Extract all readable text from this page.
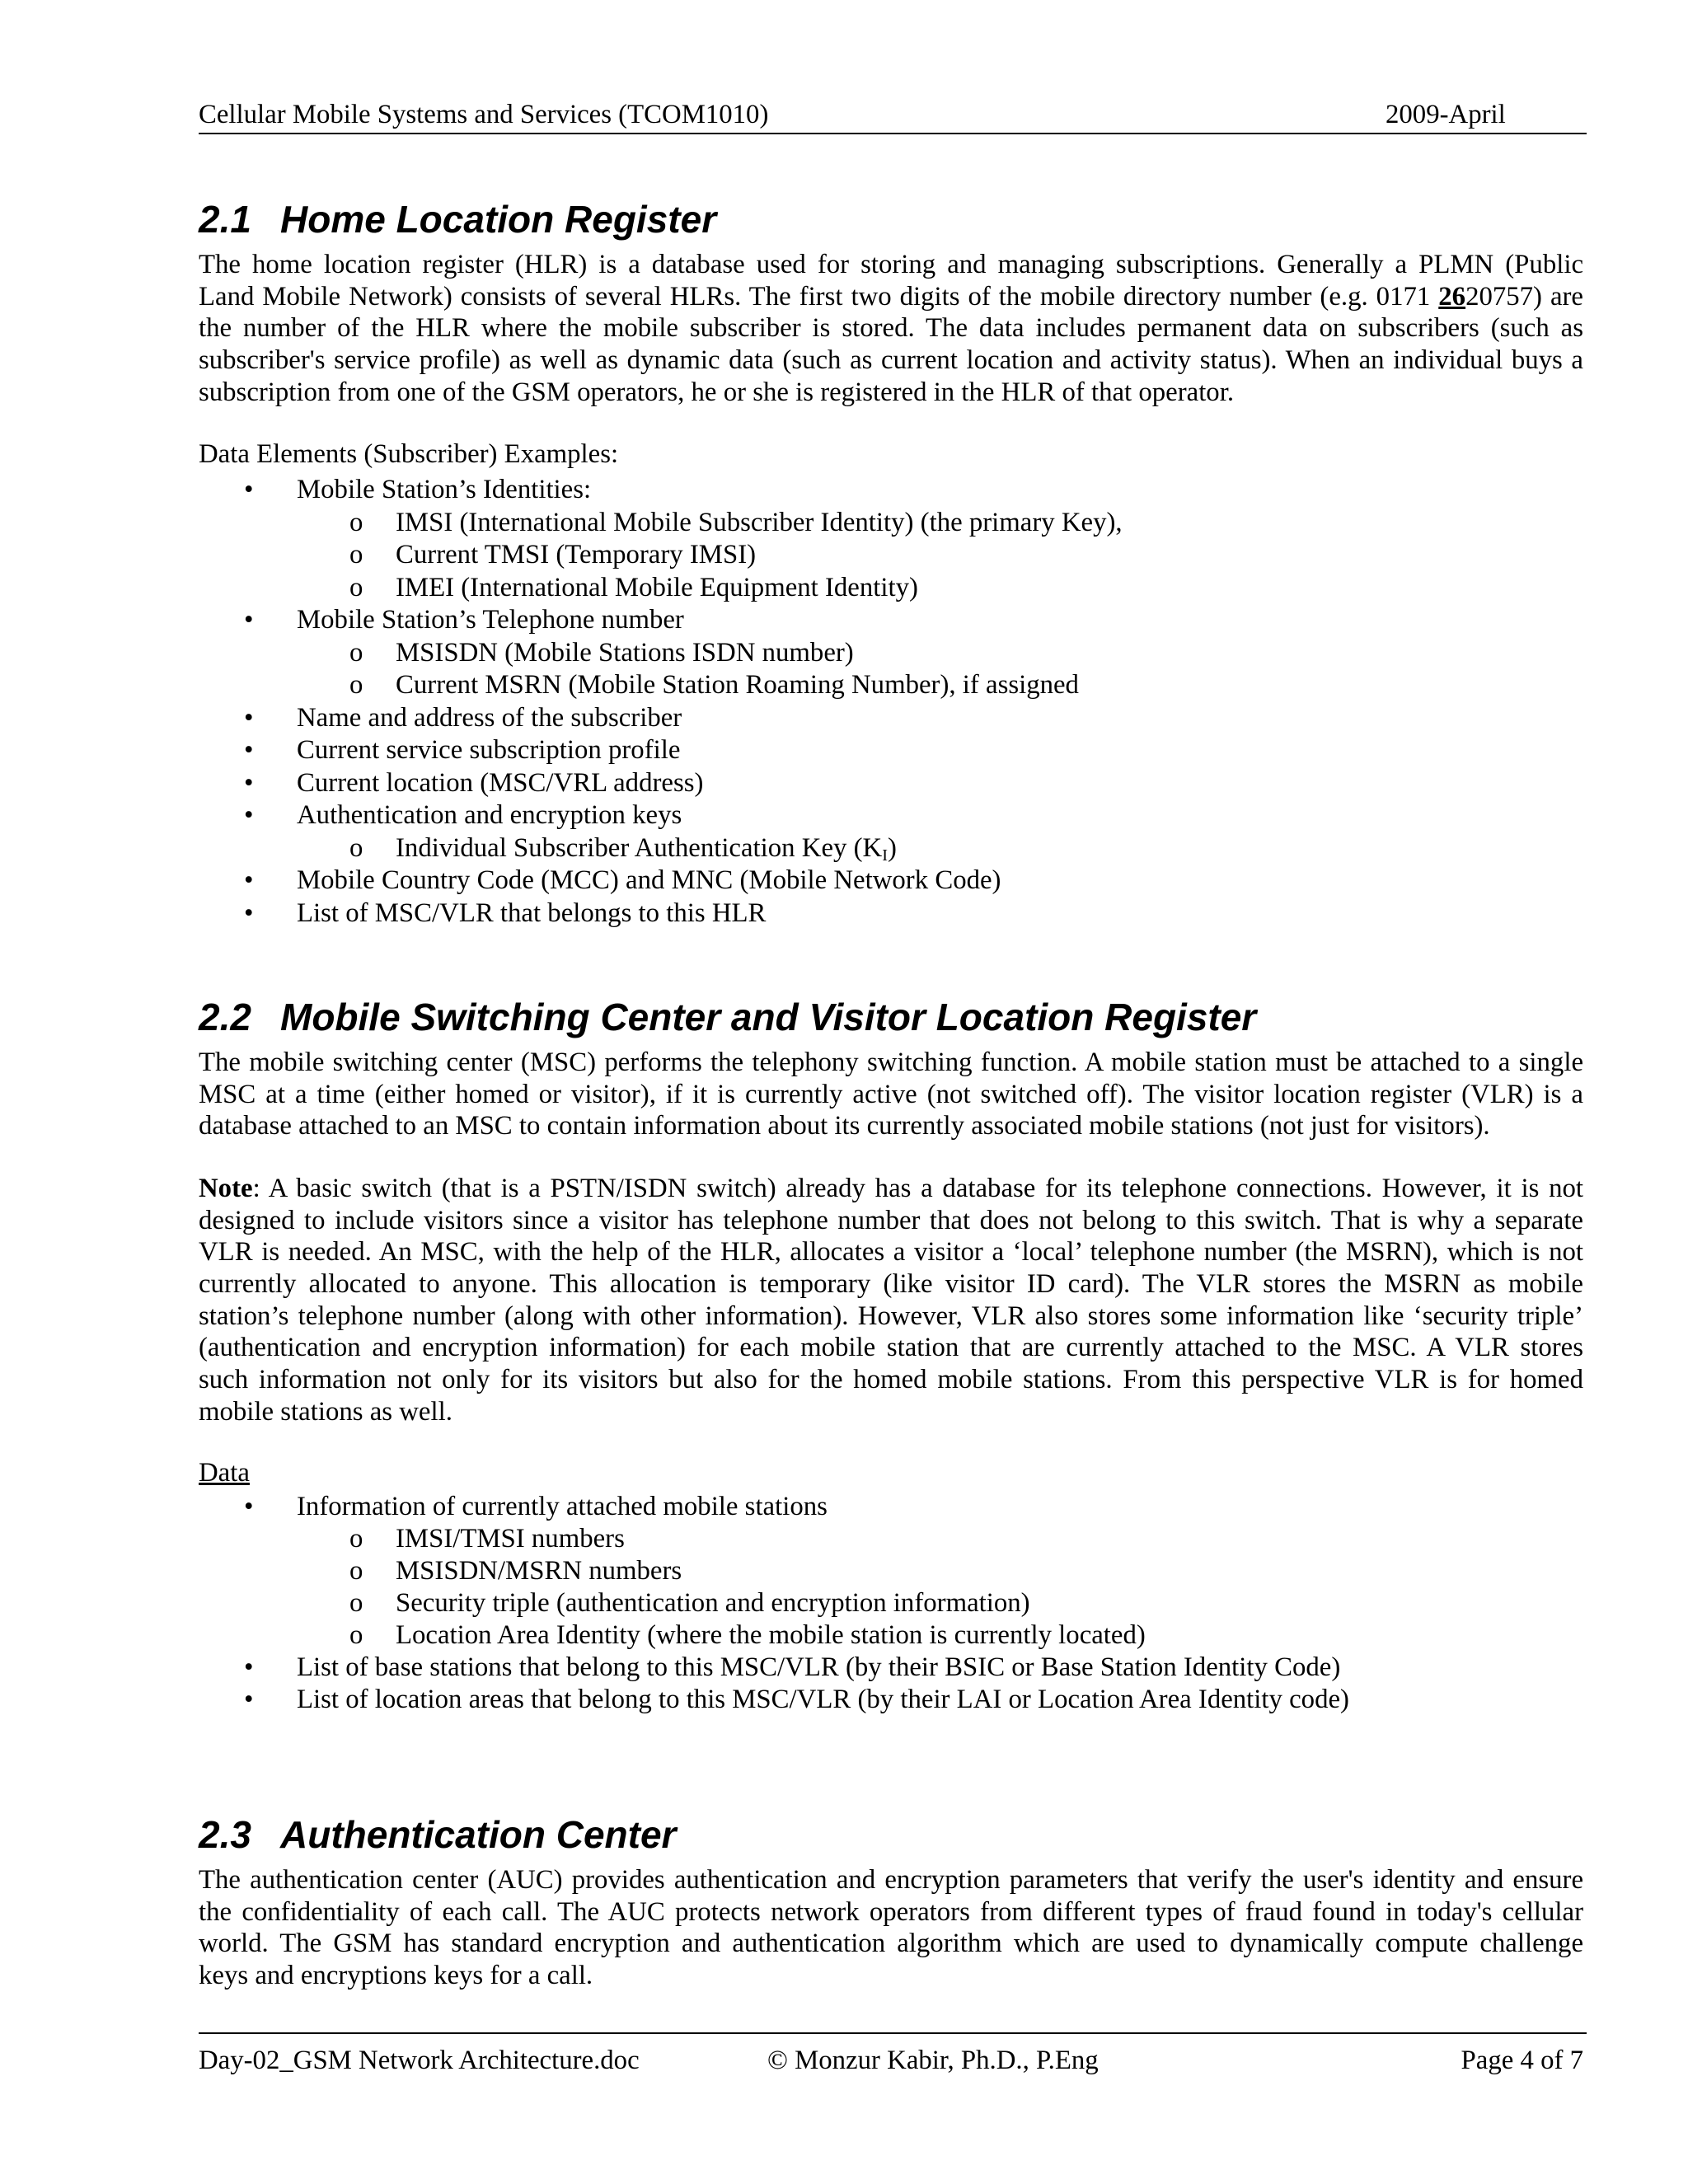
Cellular Mobile Systems and Services (TCOM1010)	2009-April
2.1 Home Location Register
The home location register (HLR) is a database used for storing and managing subscriptions. Generally a PLMN (Public
Land Mobile Network) consists of several HLRs. The first two digits of the mobile directory number (e.g. 0171 2620757) are
the number of the HLR where the mobile subscriber is stored. The data includes permanent data on subscribers (such as
subscriber's service profile) as well as dynamic data (such as current location and activity status). When an individual buys a
subscription from one of the GSM operators, he or she is registered in the HLR of that operator.
Data Elements (Subscriber) Examples:
• Mobile Station’s Identities:
o IMSI (International Mobile Subscriber Identity) (the primary Key),
o Current TMSI (Temporary IMSI)
o IMEI (International Mobile Equipment Identity)
• Mobile Station’s Telephone number
o MSISDN (Mobile Stations ISDN number)
o Current MSRN (Mobile Station Roaming Number), if assigned
• Name and address of the subscriber
• Current service subscription profile
• Current location (MSC/VRL address)
• Authentication and encryption keys
o Individual Subscriber Authentication Key (KI)
• Mobile Country Code (MCC) and MNC (Mobile Network Code)
• List of MSC/VLR that belongs to this HLR
2.2 Mobile Switching Center and Visitor Location Register
The mobile switching center (MSC) performs the telephony switching function. A mobile station must be attached to a single
MSC at a time (either homed or visitor), if it is currently active (not switched off). The visitor location register (VLR) is a
database attached to an MSC to contain information about its currently associated mobile stations (not just for visitors).
Note: A basic switch (that is a PSTN/ISDN switch) already has a database for its telephone connections. However, it is not
designed to include visitors since a visitor has telephone number that does not belong to this switch. That is why a separate
VLR is needed. An MSC, with the help of the HLR, allocates a visitor a ‘local’ telephone number (the MSRN), which is not
currently allocated to anyone. This allocation is temporary (like visitor ID card). The VLR stores the MSRN as mobile
station’s telephone number (along with other information). However, VLR also stores some information like ‘security triple’
(authentication and encryption information) for each mobile station that are currently attached to the MSC. A VLR stores
such information not only for its visitors but also for the homed mobile stations. From this perspective VLR is for homed
mobile stations as well.
Data
• Information of currently attached mobile stations
o IMSI/TMSI numbers
o MSISDN/MSRN numbers
o Security triple (authentication and encryption information)
o Location Area Identity (where the mobile station is currently located)
• List of base stations that belong to this MSC/VLR (by their BSIC or Base Station Identity Code)
• List of location areas that belong to this MSC/VLR (by their LAI or Location Area Identity code)
2.3 Authentication Center
The authentication center (AUC) provides authentication and encryption parameters that verify the user's identity and ensure
the confidentiality of each call. The AUC protects network operators from different types of fraud found in today's cellular
world. The GSM has standard encryption and authentication algorithm which are used to dynamically compute challenge
keys and encryptions keys for a call.
Day-02_GSM Network Architecture.doc	© Monzur Kabir, Ph.D., P.Eng	Page 4 of 7
